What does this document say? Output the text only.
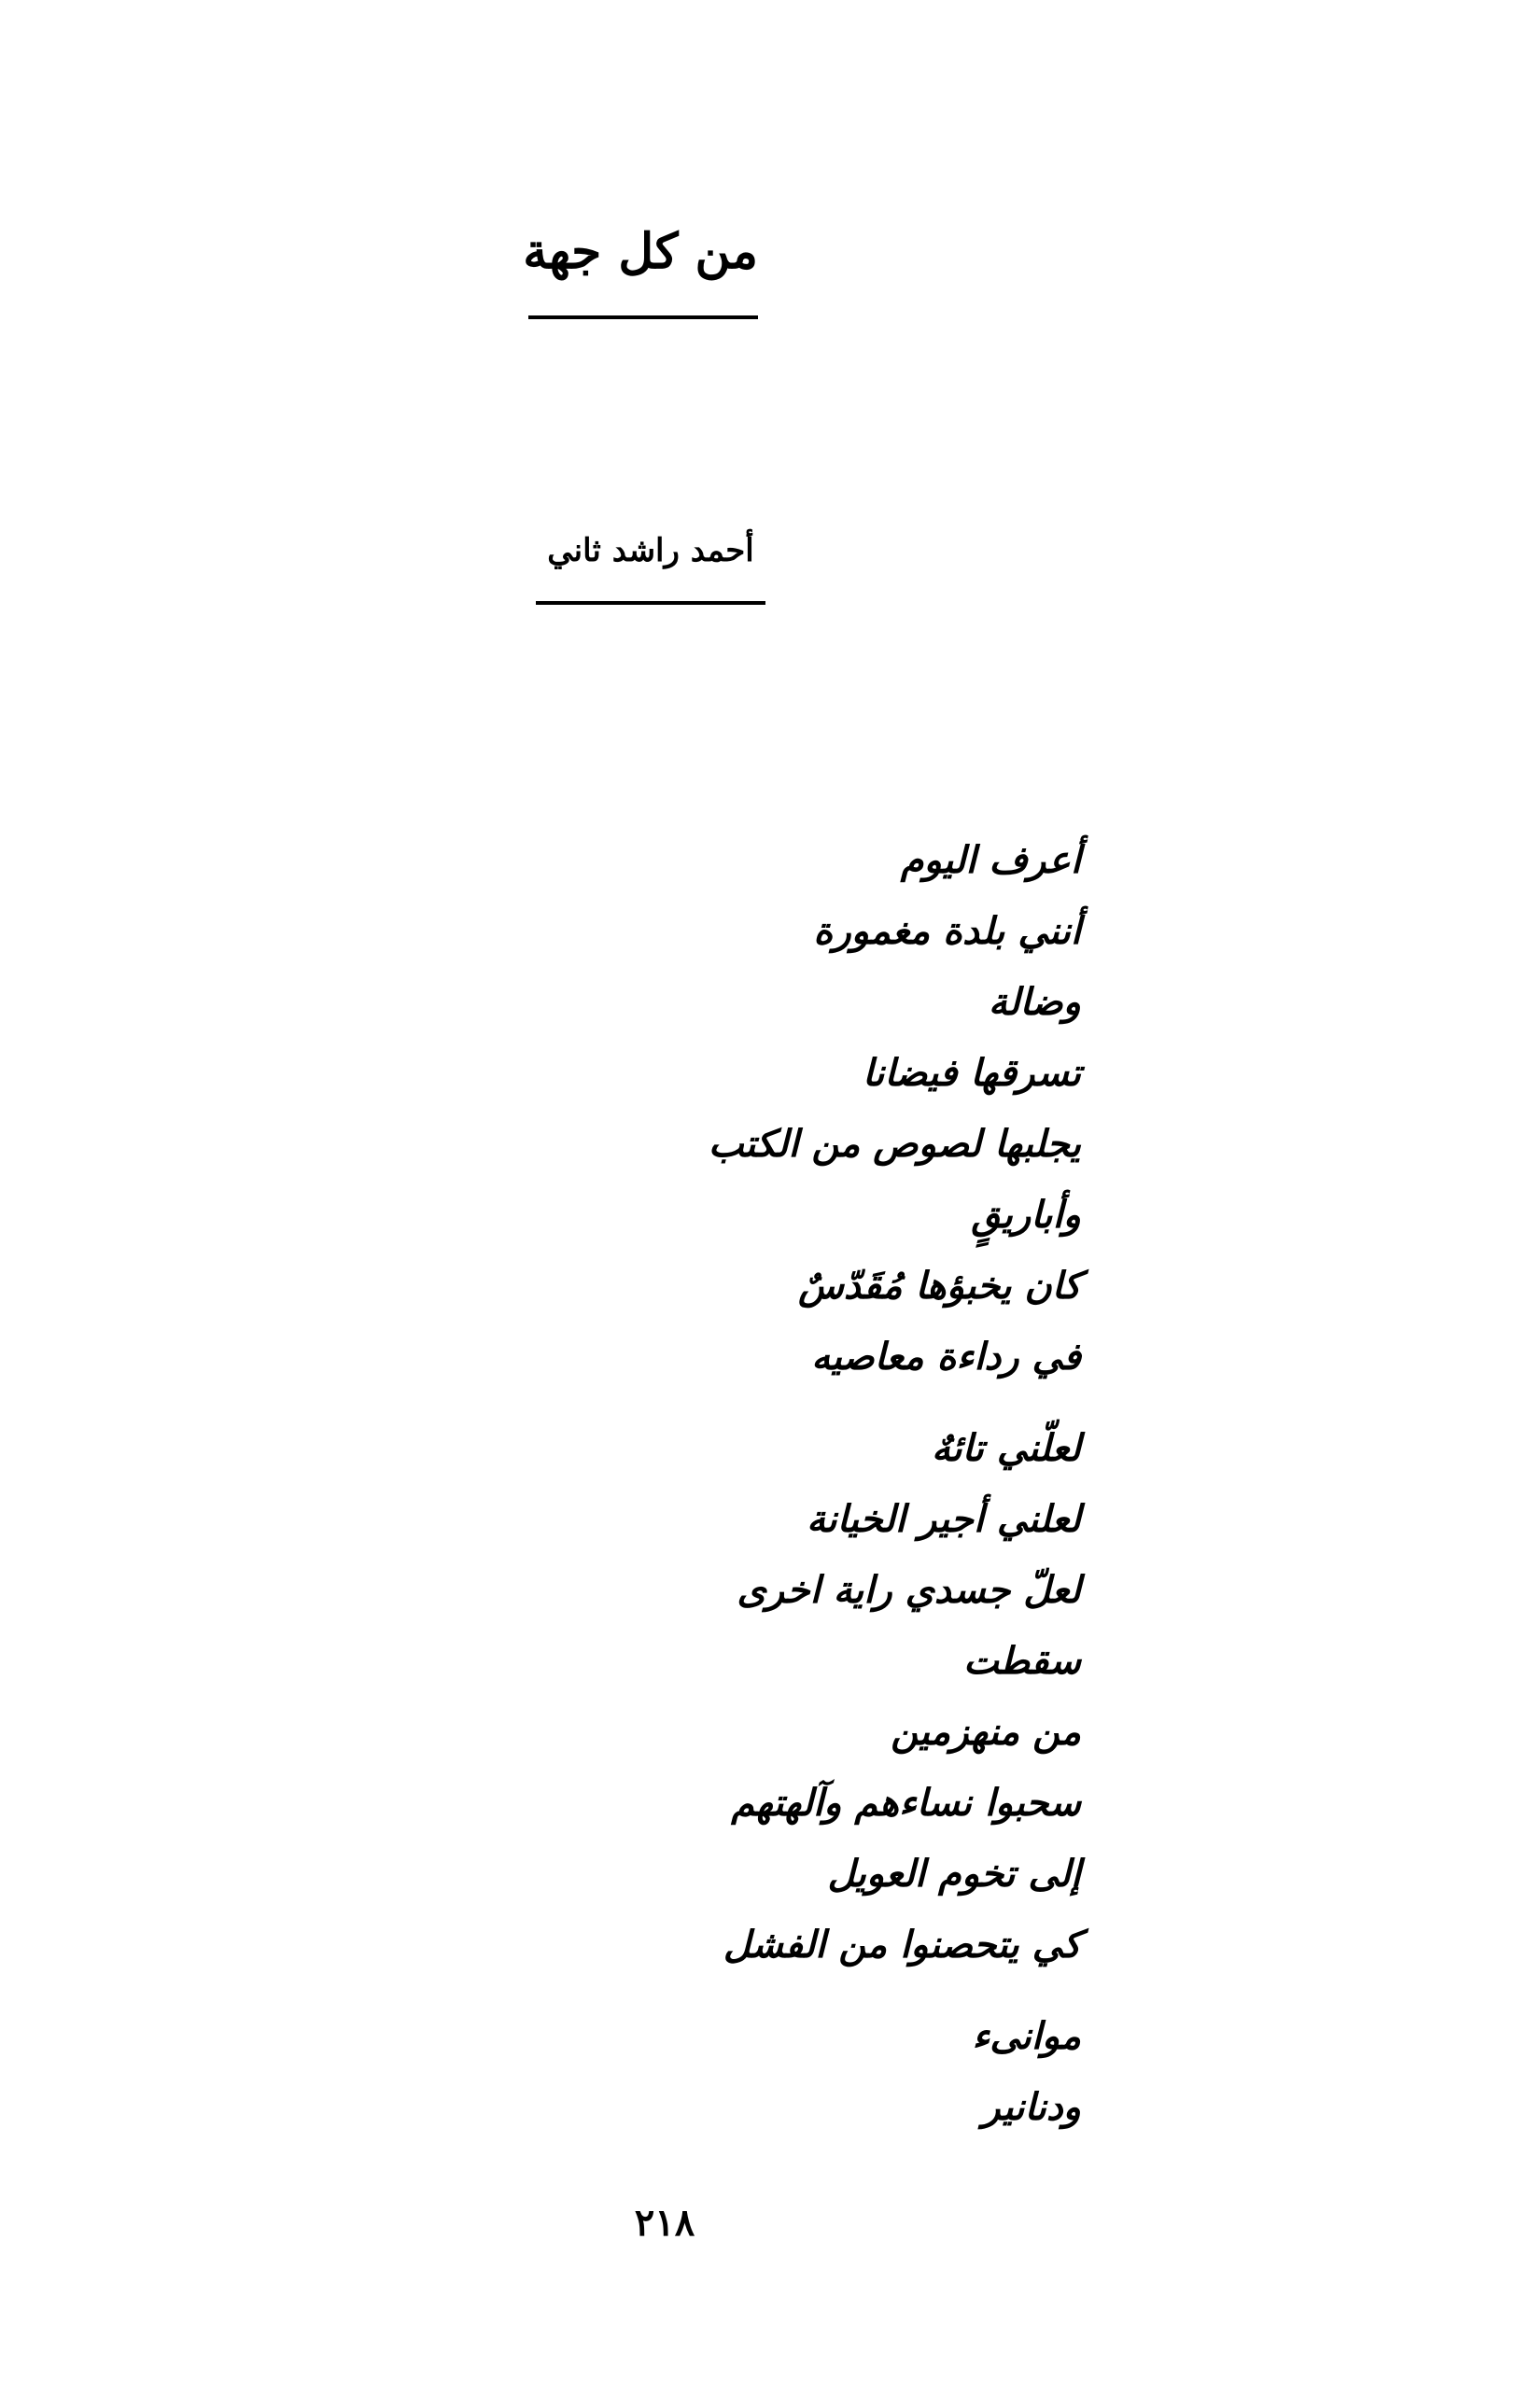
من كل جهة
أحمد راشد ثاني
أعرف اليوم
أنني بلدة مغمورة
وضالة
تسرقها فيضانا
يجلبها لصوص من الكتب
وأباريقٍ
كان يخبؤها مُقَدّسٌ
في رداءة معاصيه
لعلّني تائهٌ
لعلني أجير الخيانة
لعلّ جسدي راية اخرى
سقطت
من منهزمين
سحبوا نساءهم وآلهتهم
إلى تخوم العويل
كي يتحصنوا من الفشل
موانىء
ودنانير
٢١٨
